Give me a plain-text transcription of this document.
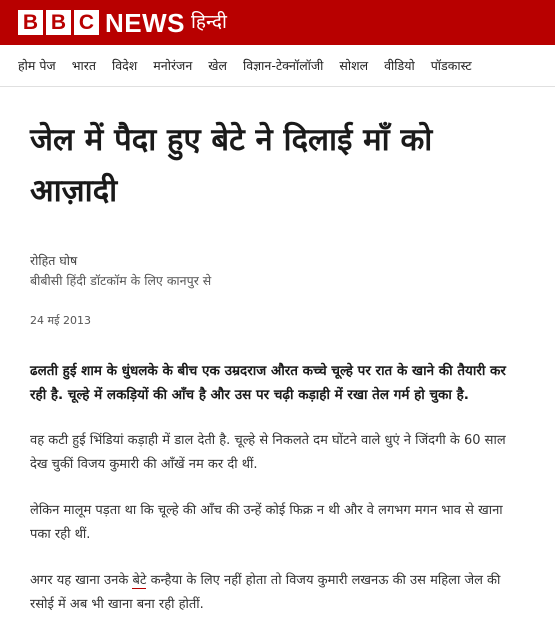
B B C NEWS हिन्दी
होम पेज भारत विदेश मनोरंजन खेल विज्ञान-टेक्नॉलॉजी सोशल वीडियो पॉडकास्ट
जेल में पैदा हुए बेटे ने दिलाई माँ को आज़ादी
रोहित घोष
बीबीसी हिंदी डॉटकॉम के लिए कानपुर से
24 मई 2013

ढलती हुई शाम के धुंधलके के बीच एक उम्रदराज औरत कच्चे चूल्हे पर रात के खाने की तैयारी कर रही है. चूल्हे में लकड़ियों की आँच है और उस पर चढ़ी कड़ाही में रखा तेल गर्म हो चुका है.

वह कटी हुई भिंडियां कड़ाही में डाल देती है. चूल्हे से निकलते दम घोंटने वाले धुएं ने जिंदगी के 60 साल देख चुकीं विजय कुमारी की आँखें नम कर दी थीं.

लेकिन मालूम पड़ता था कि चूल्हे की आँच की उन्हें कोई फिक्र न थी और वे लगभग मगन भाव से खाना पका रही थीं.

अगर यह खाना उनके बेटे कन्हैया के लिए नहीं होता तो विजय कुमारी लखनऊ की उस महिला जेल की रसोई में अब भी खाना बना रही होतीं.
